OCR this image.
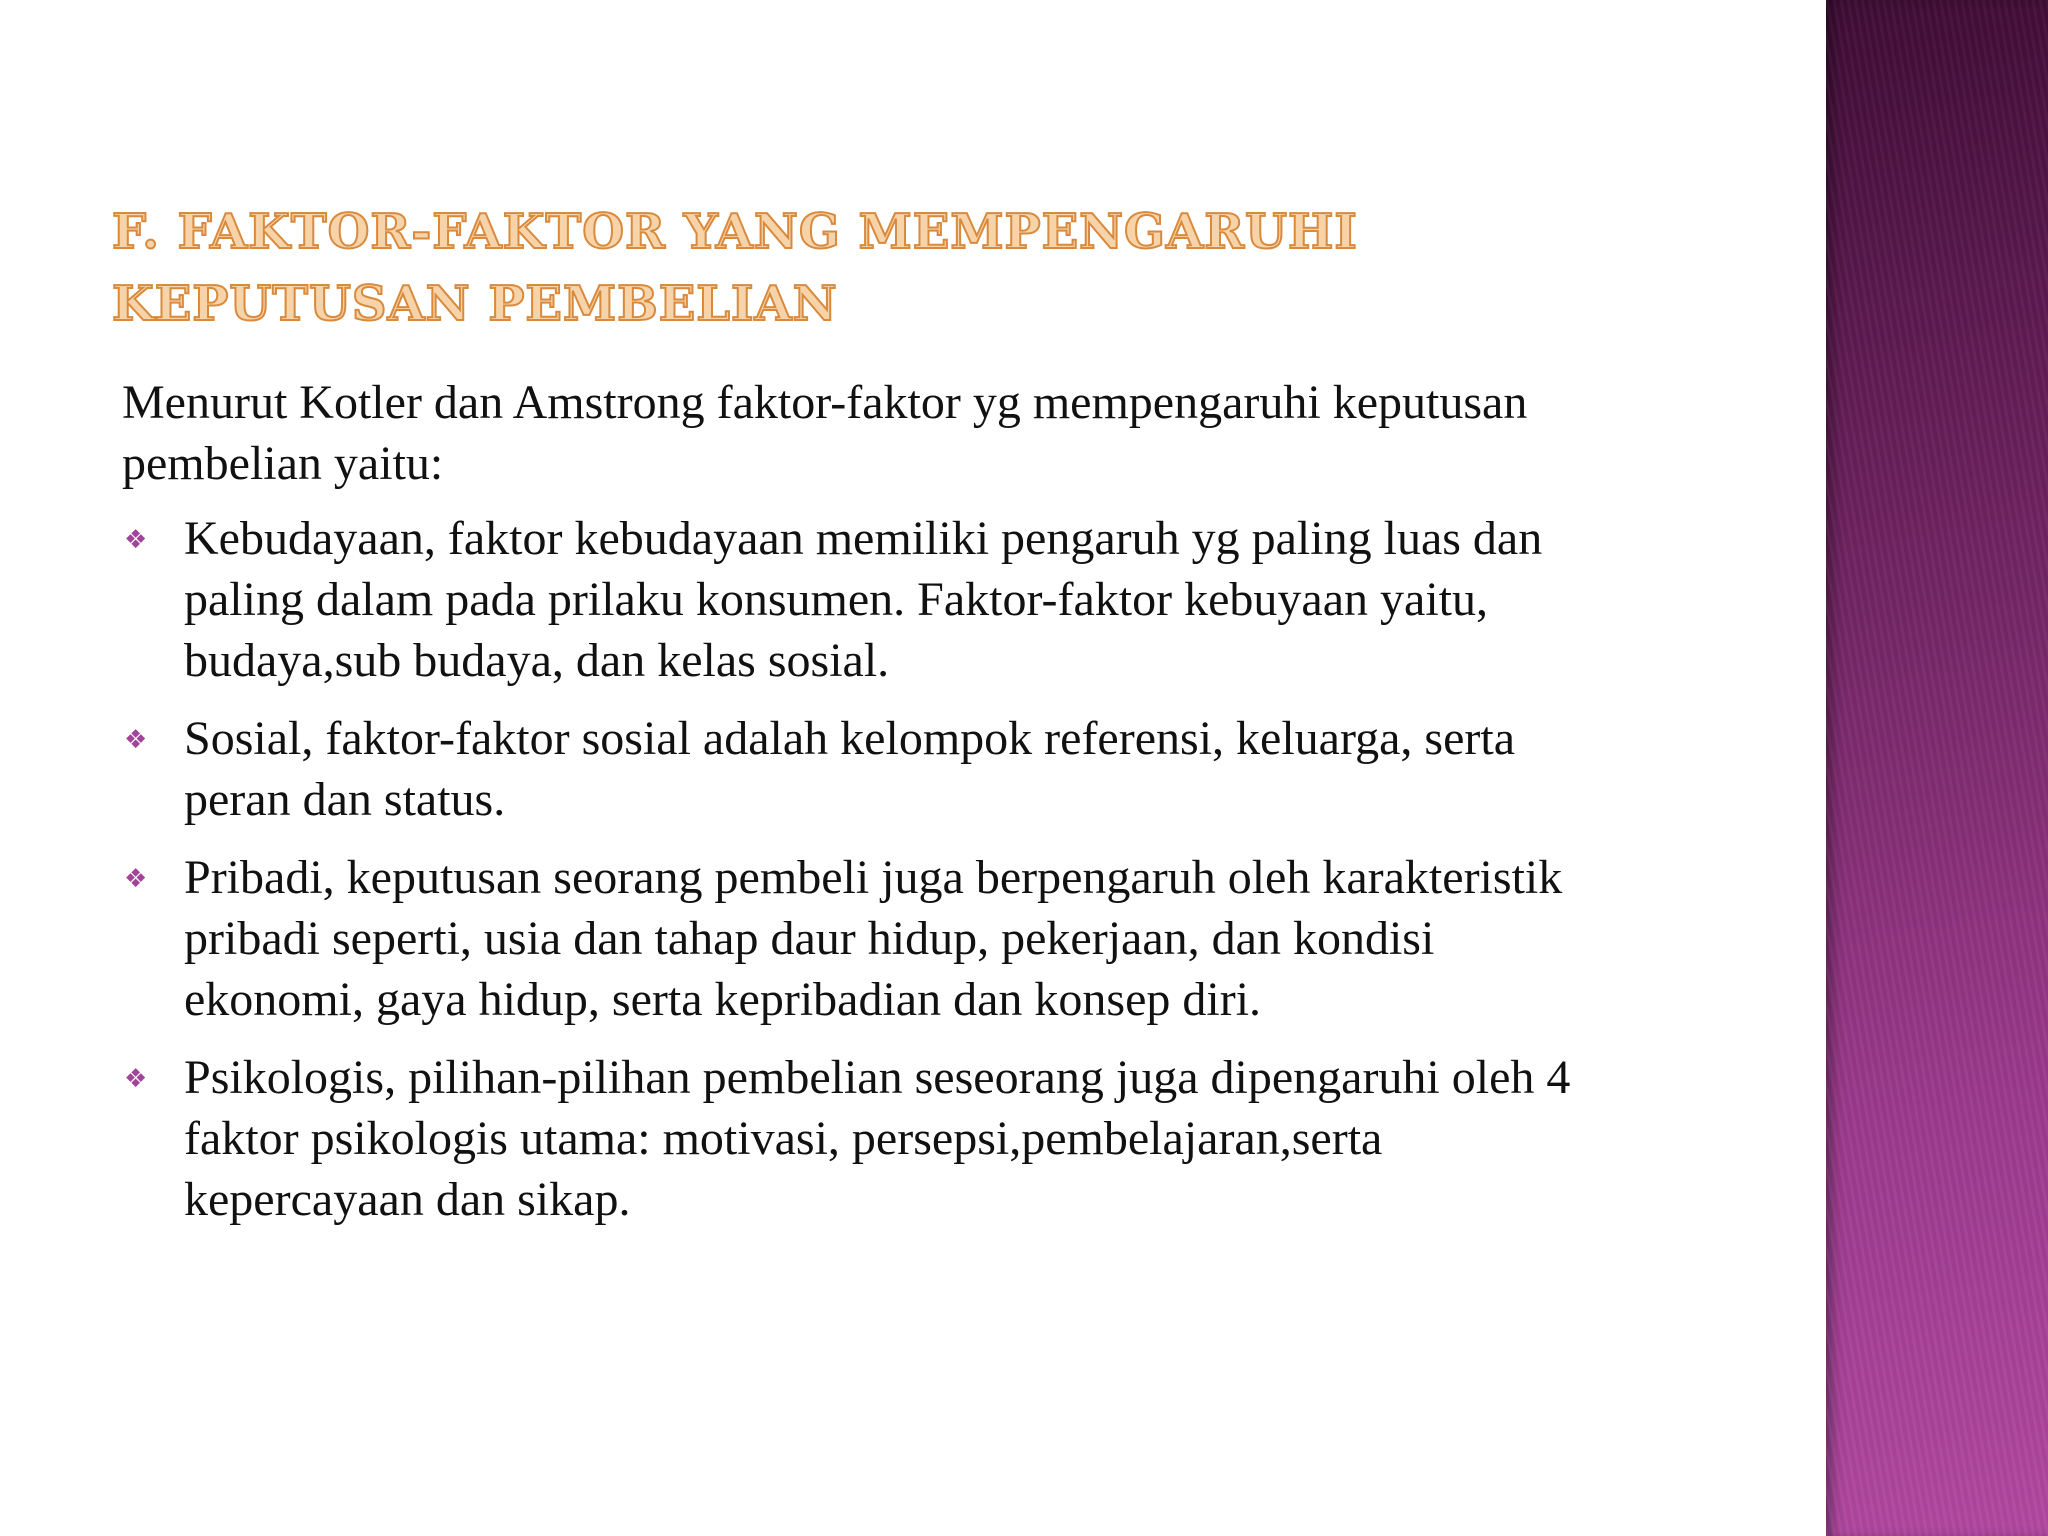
F. FAKTOR-FAKTOR YANG MEMPENGARUHI
KEPUTUSAN PEMBELIAN

Menurut Kotler dan Amstrong faktor-faktor yg mempengaruhi keputusan
pembelian yaitu:

❖ Kebudayaan, faktor kebudayaan memiliki pengaruh yg paling luas dan
paling dalam pada prilaku konsumen. Faktor-faktor kebuyaan yaitu,
budaya,sub budaya, dan kelas sosial.
❖ Sosial, faktor-faktor sosial adalah kelompok referensi, keluarga, serta
peran dan status.
❖ Pribadi, keputusan seorang pembeli juga berpengaruh oleh karakteristik
pribadi seperti, usia dan tahap daur hidup, pekerjaan, dan kondisi
ekonomi, gaya hidup, serta kepribadian dan konsep diri.
❖ Psikologis, pilihan-pilihan pembelian seseorang juga dipengaruhi oleh 4
faktor psikologis utama: motivasi, persepsi,pembelajaran,serta
kepercayaan dan sikap.
